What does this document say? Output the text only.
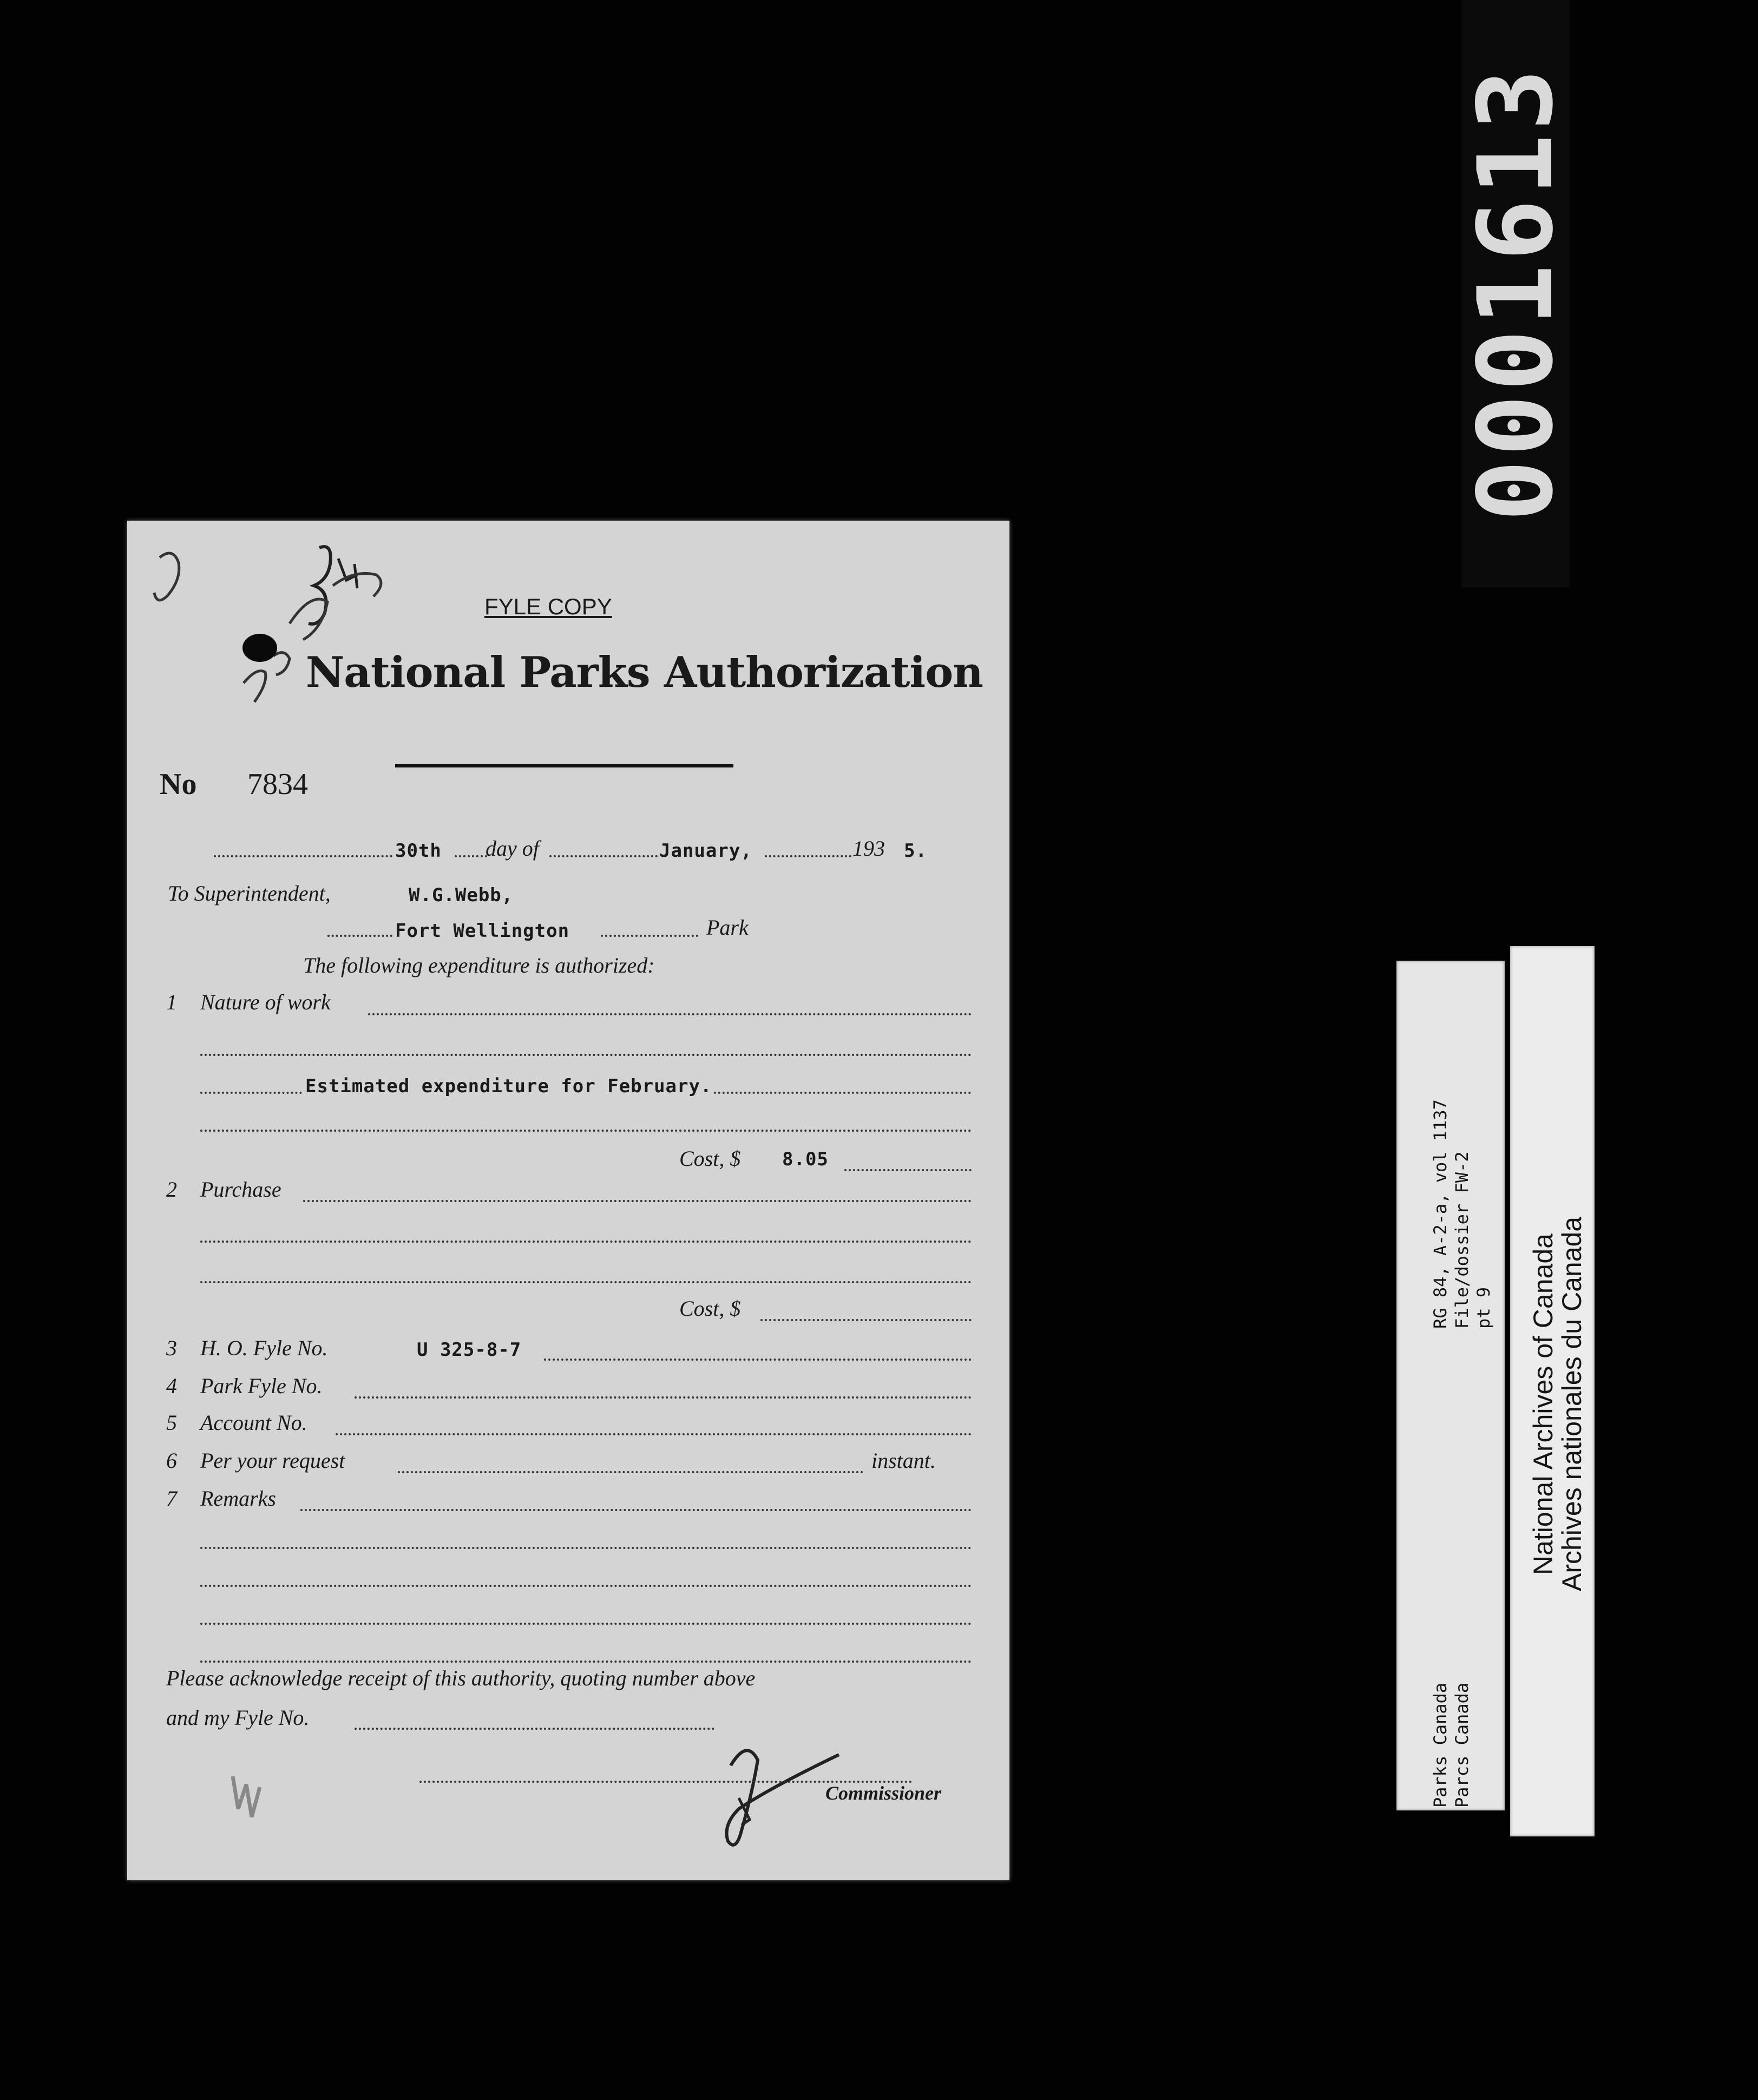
0001613
RG 84, A-2-a, vol 1137 File/dossier FW-2 pt 9
Parks Canada Parcs Canada
National Archives of Canada
Archives nationales du Canada
FYLE COPY
National Parks Authorization
No 7834
30th day of	January,	193 5.
To Superintendent,	W.G.Webb,
Fort Wellington	Park
The following expenditure is authorized:
1 Nature of work
Estimated expenditure for February.
Cost, $ 8.05
2 Purchase
Cost, $
3 H. O. Fyle No.	U 325-8-7
4 Park Fyle No.
5 Account No.
6 Per your request	instant.
7 Remarks
Please acknowledge receipt of this authority, quoting number above
and my Fyle No.
Commissioner
